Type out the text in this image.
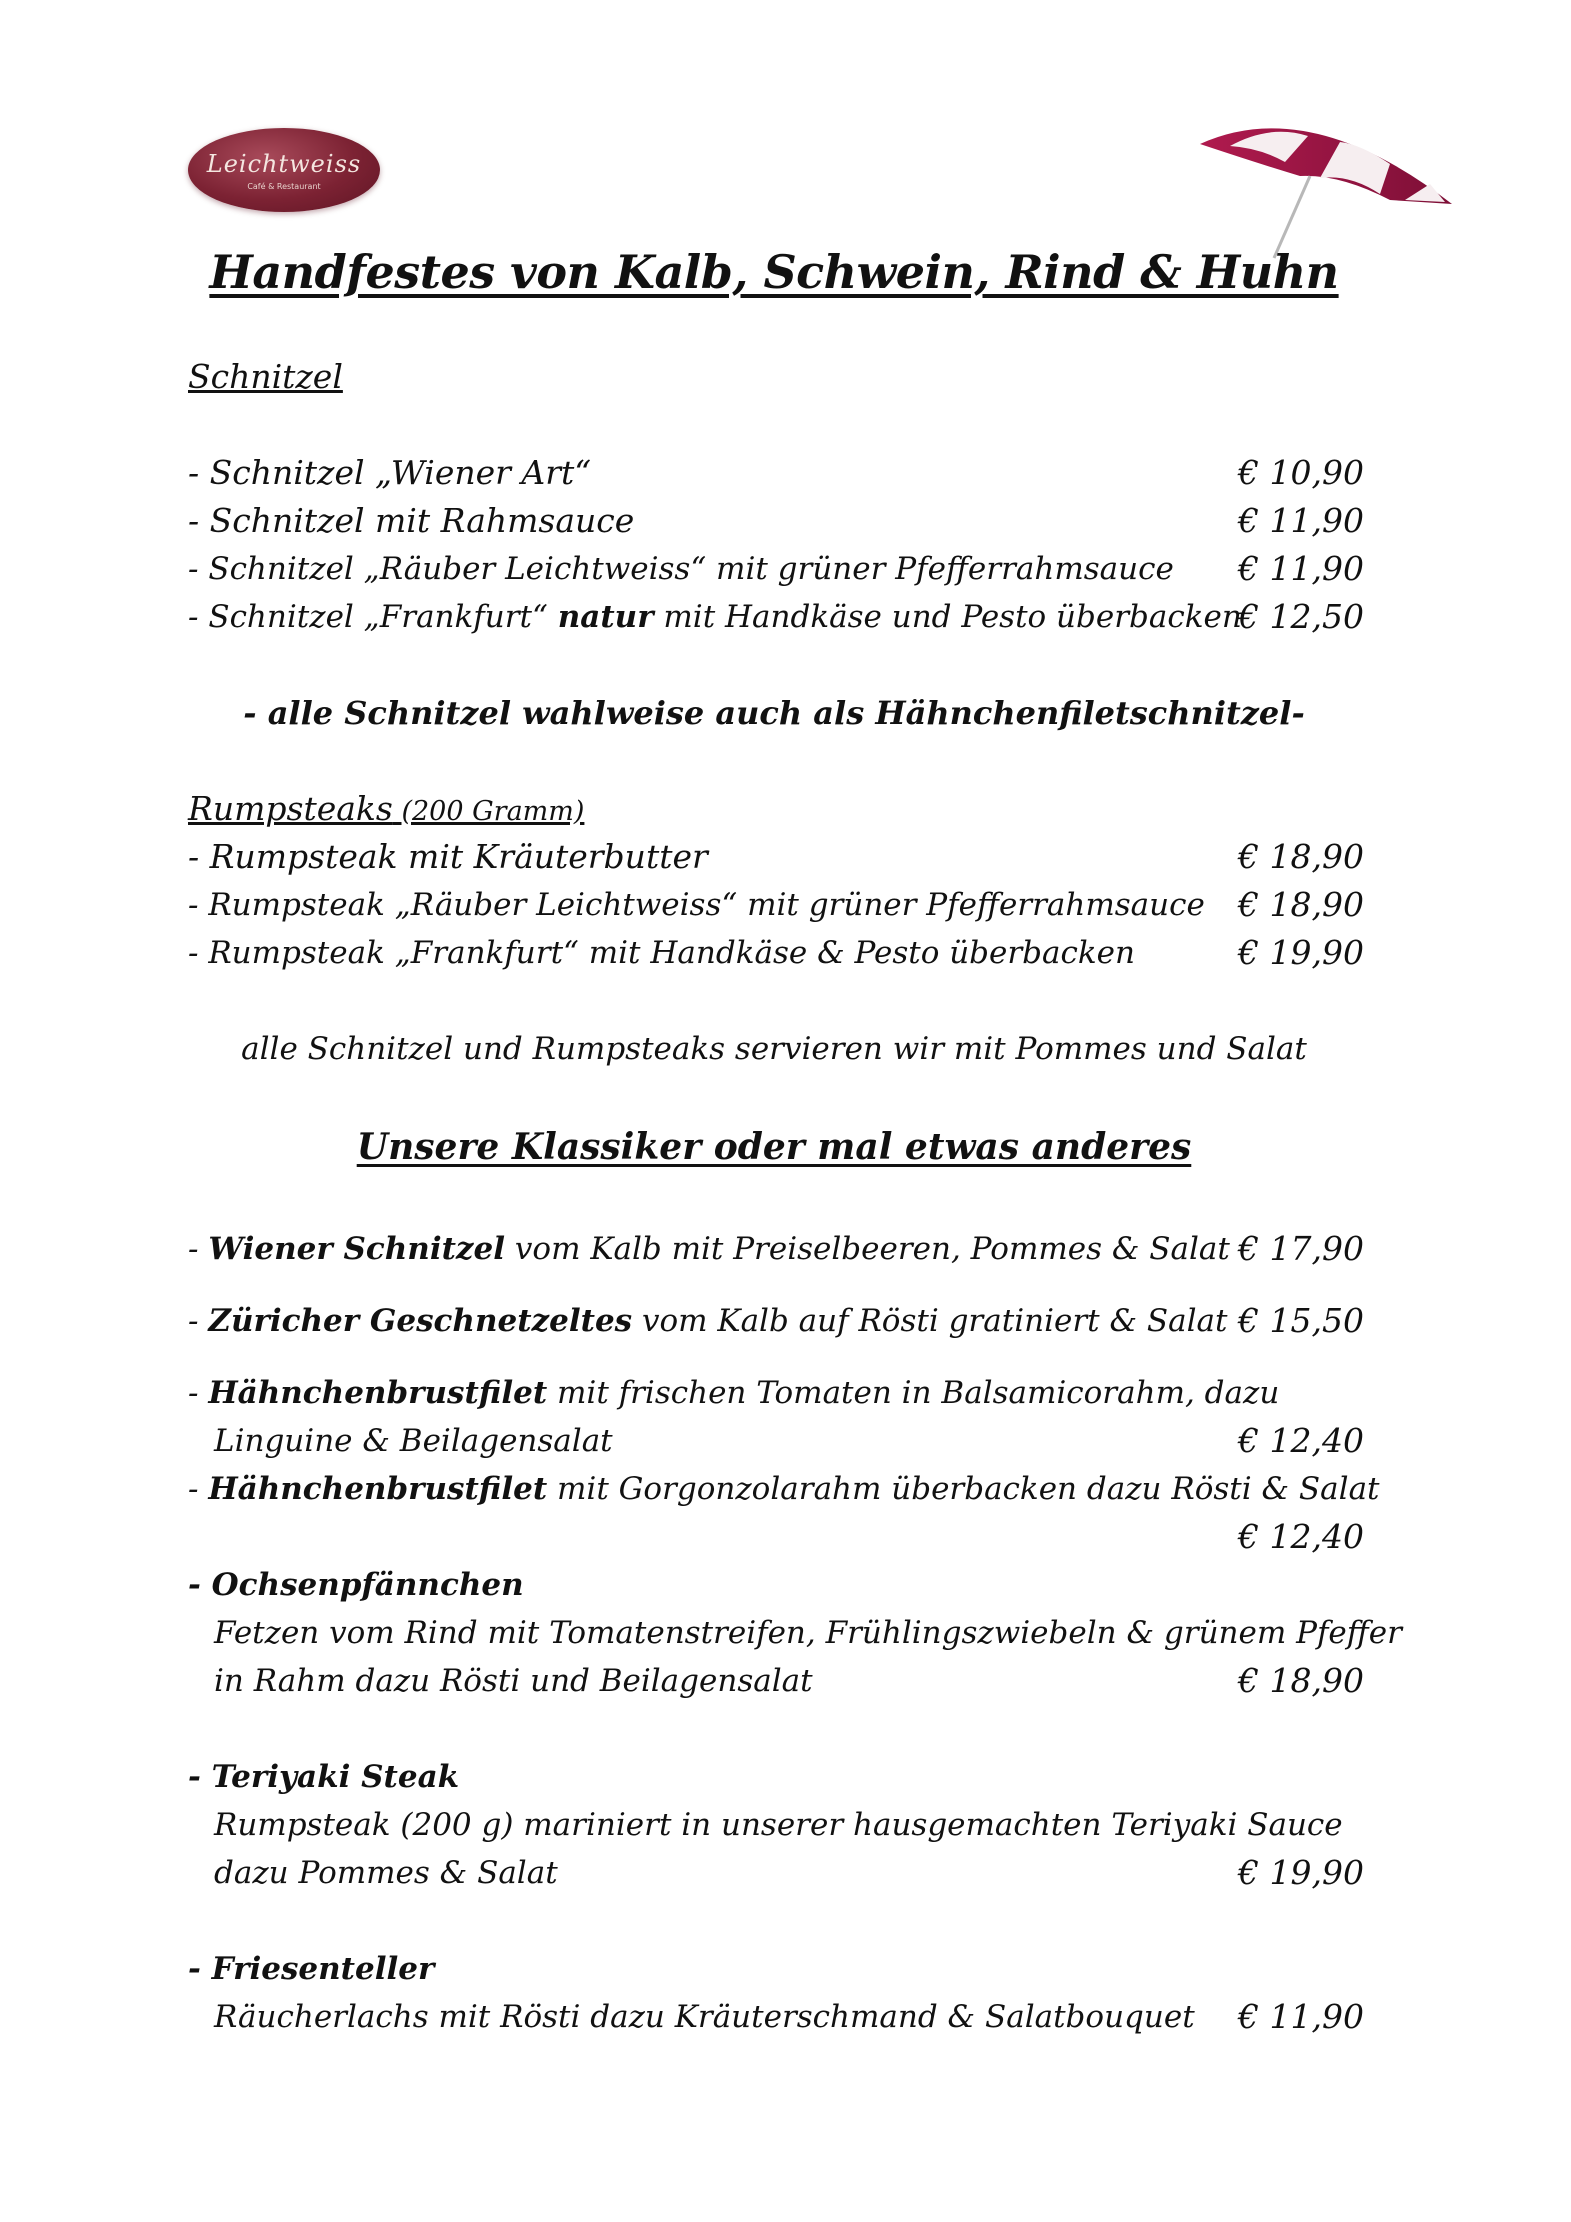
Leichtweiss
Café & Restaurant
Handfestes von Kalb, Schwein, Rind & Huhn
Schnitzel
- Schnitzel „Wiener Art“	€ 10,90
- Schnitzel mit Rahmsauce	€ 11,90
- Schnitzel „Räuber Leichtweiss“ mit grüner Pfefferrahmsauce	€ 11,90
- Schnitzel „Frankfurt“ natur mit Handkäse und Pesto überbacken
€ 12,50
- alle Schnitzel wahlweise auch als Hähnchenfiletschnitzel-
Rumpsteaks (200 Gramm)
- Rumpsteak mit Kräuterbutter	€ 18,90
- Rumpsteak „Räuber Leichtweiss“ mit grüner Pfefferrahmsauce	€ 18,90
- Rumpsteak „Frankfurt“ mit Handkäse & Pesto überbacken	€ 19,90
alle Schnitzel und Rumpsteaks servieren wir mit Pommes und Salat
Unsere Klassiker oder mal etwas anderes
- Wiener Schnitzel vom Kalb mit Preiselbeeren, Pommes & Salat € 17,90
- Züricher Geschnetzeltes vom Kalb auf Rösti gratiniert & Salat € 15,50
- Hähnchenbrustfilet mit frischen Tomaten in Balsamicorahm, dazu
Linguine & Beilagensalat	€ 12,40
- Hähnchenbrustfilet mit Gorgonzolarahm überbacken dazu Rösti & Salat
€ 12,40
- Ochsenpfännchen
Fetzen vom Rind mit Tomatenstreifen, Frühlingszwiebeln & grünem Pfeffer
in Rahm dazu Rösti und Beilagensalat	€ 18,90
- Teriyaki Steak
Rumpsteak (200 g) mariniert in unserer hausgemachten Teriyaki Sauce
dazu Pommes & Salat	€ 19,90
- Friesenteller
Räucherlachs mit Rösti dazu Kräuterschmand & Salatbouquet	€ 11,90
